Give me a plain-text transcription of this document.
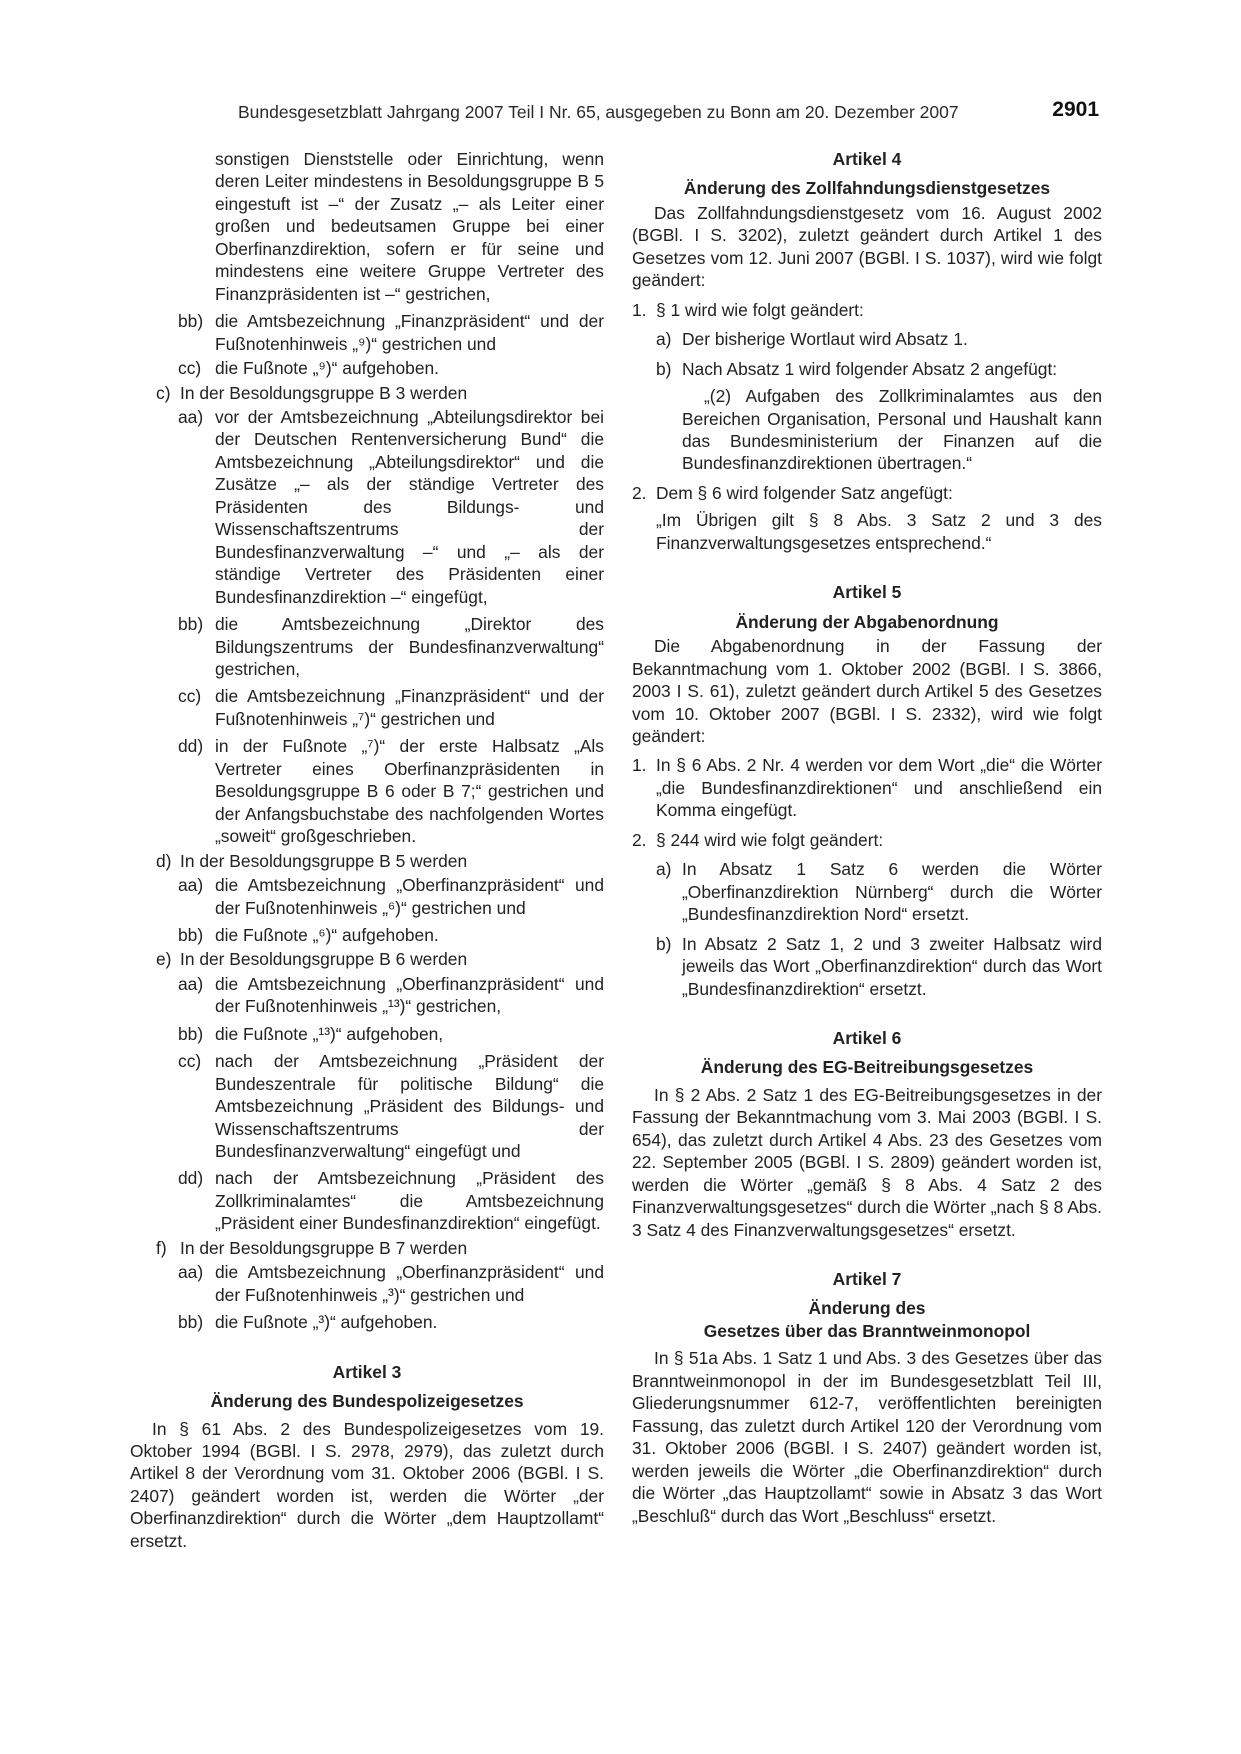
Bundesgesetzblatt Jahrgang 2007 Teil I Nr. 65, ausgegeben zu Bonn am 20. Dezember 2007	2901
sonstigen Dienststelle oder Einrichtung, wenn deren Leiter mindestens in Besoldungsgruppe B 5 eingestuft ist –“ der Zusatz „– als Leiter einer großen und bedeutsamen Gruppe bei einer Oberfinanzdirektion, sofern er für seine und mindestens eine weitere Gruppe Vertreter des Finanzpräsidenten ist –“ gestrichen,
bb) die Amtsbezeichnung „Finanzpräsident“ und der Fußnotenhinweis „⁹)“ gestrichen und
cc) die Fußnote „⁹)“ aufgehoben.
c) In der Besoldungsgruppe B 3 werden
aa) vor der Amtsbezeichnung „Abteilungsdirektor bei der Deutschen Rentenversicherung Bund“ die Amtsbezeichnung „Abteilungsdirektor“ und die Zusätze „– als der ständige Vertreter des Präsidenten des Bildungs- und Wissenschaftszentrums der Bundesfinanzverwaltung –“ und „– als der ständige Vertreter des Präsidenten einer Bundesfinanzdirektion –“ eingefügt,
bb) die Amtsbezeichnung „Direktor des Bildungszentrums der Bundesfinanzverwaltung“ gestrichen,
cc) die Amtsbezeichnung „Finanzpräsident“ und der Fußnotenhinweis „⁷)“ gestrichen und
dd) in der Fußnote „⁷)“ der erste Halbsatz „Als Vertreter eines Oberfinanzpräsidenten in Besoldungsgruppe B 6 oder B 7;“ gestrichen und der Anfangsbuchstabe des nachfolgenden Wortes „soweit“ großgeschrieben.
d) In der Besoldungsgruppe B 5 werden
aa) die Amtsbezeichnung „Oberfinanzpräsident“ und der Fußnotenhinweis „⁶)“ gestrichen und
bb) die Fußnote „⁶)“ aufgehoben.
e) In der Besoldungsgruppe B 6 werden
aa) die Amtsbezeichnung „Oberfinanzpräsident“ und der Fußnotenhinweis „¹³)“ gestrichen,
bb) die Fußnote „¹³)“ aufgehoben,
cc) nach der Amtsbezeichnung „Präsident der Bundeszentrale für politische Bildung“ die Amtsbezeichnung „Präsident des Bildungs- und Wissenschaftszentrums der Bundesfinanzverwaltung“ eingefügt und
dd) nach der Amtsbezeichnung „Präsident des Zollkriminalamtes“ die Amtsbezeichnung „Präsident einer Bundesfinanzdirektion“ eingefügt.
f) In der Besoldungsgruppe B 7 werden
aa) die Amtsbezeichnung „Oberfinanzpräsident“ und der Fußnotenhinweis „³)“ gestrichen und
bb) die Fußnote „³)“ aufgehoben.
Artikel 3
Änderung des Bundespolizeigesetzes
In § 61 Abs. 2 des Bundespolizeigesetzes vom 19. Oktober 1994 (BGBl. I S. 2978, 2979), das zuletzt durch Artikel 8 der Verordnung vom 31. Oktober 2006 (BGBl. I S. 2407) geändert worden ist, werden die Wörter „der Oberfinanzdirektion“ durch die Wörter „dem Hauptzollamt“ ersetzt.
Artikel 4
Änderung des Zollfahndungsdienstgesetzes
Das Zollfahndungsdienstgesetz vom 16. August 2002 (BGBl. I S. 3202), zuletzt geändert durch Artikel 1 des Gesetzes vom 12. Juni 2007 (BGBl. I S. 1037), wird wie folgt geändert:
1. § 1 wird wie folgt geändert:
a) Der bisherige Wortlaut wird Absatz 1.
b) Nach Absatz 1 wird folgender Absatz 2 angefügt:
„(2) Aufgaben des Zollkriminalamtes aus den Bereichen Organisation, Personal und Haushalt kann das Bundesministerium der Finanzen auf die Bundesfinanzdirektionen übertragen.“
2. Dem § 6 wird folgender Satz angefügt:
„Im Übrigen gilt § 8 Abs. 3 Satz 2 und 3 des Finanzverwaltungsgesetzes entsprechend.“
Artikel 5
Änderung der Abgabenordnung
Die Abgabenordnung in der Fassung der Bekanntmachung vom 1. Oktober 2002 (BGBl. I S. 3866, 2003 I S. 61), zuletzt geändert durch Artikel 5 des Gesetzes vom 10. Oktober 2007 (BGBl. I S. 2332), wird wie folgt geändert:
1. In § 6 Abs. 2 Nr. 4 werden vor dem Wort „die“ die Wörter „die Bundesfinanzdirektionen“ und anschließend ein Komma eingefügt.
2. § 244 wird wie folgt geändert:
a) In Absatz 1 Satz 6 werden die Wörter „Oberfinanzdirektion Nürnberg“ durch die Wörter „Bundesfinanzdirektion Nord“ ersetzt.
b) In Absatz 2 Satz 1, 2 und 3 zweiter Halbsatz wird jeweils das Wort „Oberfinanzdirektion“ durch das Wort „Bundesfinanzdirektion“ ersetzt.
Artikel 6
Änderung des EG-Beitreibungsgesetzes
In § 2 Abs. 2 Satz 1 des EG-Beitreibungsgesetzes in der Fassung der Bekanntmachung vom 3. Mai 2003 (BGBl. I S. 654), das zuletzt durch Artikel 4 Abs. 23 des Gesetzes vom 22. September 2005 (BGBl. I S. 2809) geändert worden ist, werden die Wörter „gemäß § 8 Abs. 4 Satz 2 des Finanzverwaltungsgesetzes“ durch die Wörter „nach § 8 Abs. 3 Satz 4 des Finanzverwaltungsgesetzes“ ersetzt.
Artikel 7
Änderung des
Gesetzes über das Branntweinmonopol
In § 51a Abs. 1 Satz 1 und Abs. 3 des Gesetzes über das Branntweinmonopol in der im Bundesgesetzblatt Teil III, Gliederungsnummer 612-7, veröffentlichten bereinigten Fassung, das zuletzt durch Artikel 120 der Verordnung vom 31. Oktober 2006 (BGBl. I S. 2407) geändert worden ist, werden jeweils die Wörter „die Oberfinanzdirektion“ durch die Wörter „das Hauptzollamt“ sowie in Absatz 3 das Wort „Beschluß“ durch das Wort „Beschluss“ ersetzt.
